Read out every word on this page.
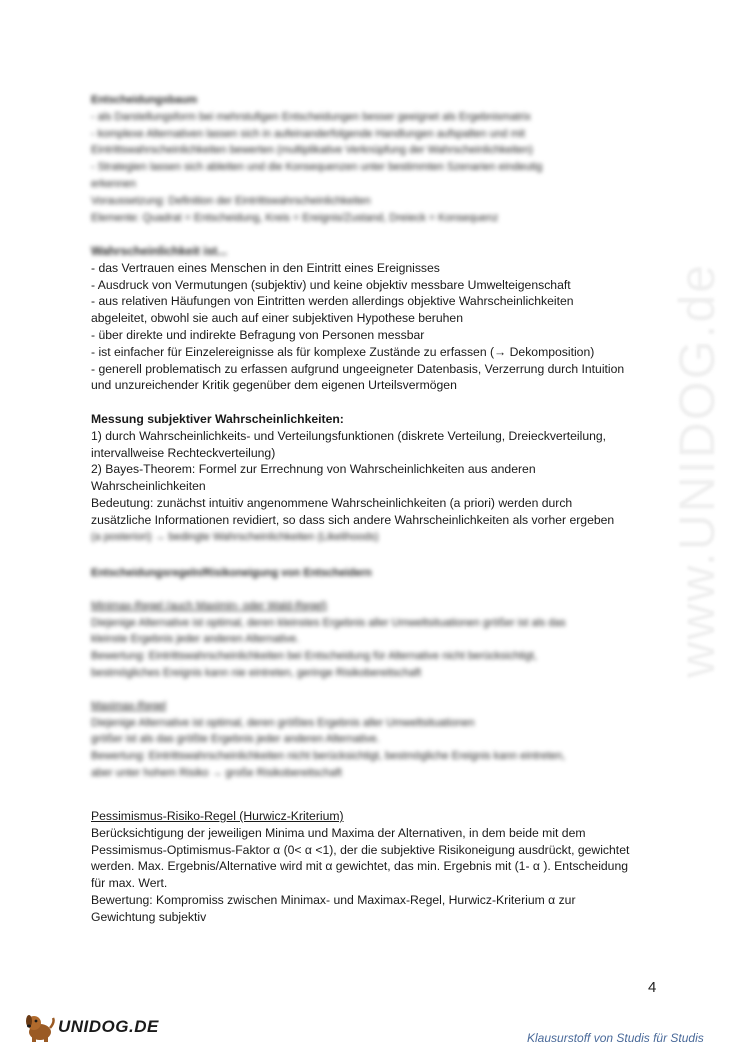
www.UNIDOG.de
Entscheidungsbaum
- als Darstellungsform bei mehrstufigen Entscheidungen besser geeignet als Ergebnismatrix
- komplexe Alternativen lassen sich in aufeinanderfolgende Handlungen aufspalten und mit
Eintrittswahrscheinlichkeiten bewerten (multiplikative Verknüpfung der Wahrscheinlichkeiten)
- Strategien lassen sich ableiten und die Konsequenzen unter bestimmten Szenarien eindeutig
erkennen
Voraussetzung: Definition der Eintrittswahrscheinlichkeiten
Elemente: Quadrat = Entscheidung, Kreis = Ereignis/Zustand, Dreieck = Konsequenz
Wahrscheinlichkeit ist...
- das Vertrauen eines Menschen in den Eintritt eines Ereignisses
- Ausdruck von Vermutungen (subjektiv) und keine objektiv messbare Umwelteigenschaft
- aus relativen Häufungen von Eintritten werden allerdings objektive Wahrscheinlichkeiten
abgeleitet, obwohl sie auch auf einer subjektiven Hypothese beruhen
- über direkte und indirekte Befragung von Personen messbar
- ist einfacher für Einzelereignisse als für komplexe Zustände zu erfassen (→ Dekomposition)
- generell problematisch zu erfassen aufgrund ungeeigneter Datenbasis, Verzerrung durch Intuition
und unzureichender Kritik gegenüber dem eigenen Urteilsvermögen
Messung subjektiver Wahrscheinlichkeiten:
1) durch Wahrscheinlichkeits- und Verteilungsfunktionen (diskrete Verteilung, Dreieckverteilung,
intervallweise Rechteckverteilung)
2) Bayes-Theorem: Formel zur Errechnung von Wahrscheinlichkeiten aus anderen
Wahrscheinlichkeiten
Bedeutung: zunächst intuitiv angenommene Wahrscheinlichkeiten (a priori) werden durch
zusätzliche Informationen revidiert, so dass sich andere Wahrscheinlichkeiten als vorher ergeben
(a posteriori) → bedingte Wahrscheinlichkeiten (Likelihoods)
Entscheidungsregeln/Risikoneigung von Entscheidern
Minimax-Regel (auch Maximin- oder Wald-Regel)
Diejenige Alternative ist optimal, deren kleinstes Ergebnis aller Umweltsituationen größer ist als das
kleinste Ergebnis jeder anderen Alternative.
Bewertung: Eintrittswahrscheinlichkeiten bei Entscheidung für Alternative nicht berücksichtigt,
bestmögliches Ereignis kann nie eintreten, geringe Risikobereitschaft
Maximax-Regel
Diejenige Alternative ist optimal, deren größtes Ergebnis aller Umweltsituationen
größer ist als das größte Ergebnis jeder anderen Alternative.
Bewertung: Eintrittswahrscheinlichkeiten nicht berücksichtigt, bestmögliche Ereignis kann eintreten,
aber unter hohem Risiko → große Risikobereitschaft
Pessimismus-Risiko-Regel (Hurwicz-Kriterium)
Berücksichtigung der jeweiligen Minima und Maxima der Alternativen, in dem beide mit dem
Pessimismus-Optimismus-Faktor α (0< α <1), der die subjektive Risikoneigung ausdrückt, gewichtet
werden. Max. Ergebnis/Alternative wird mit α gewichtet, das min. Ergebnis mit (1- α ). Entscheidung
für max. Wert.
Bewertung: Kompromiss zwischen Minimax- und Maximax-Regel, Hurwicz-Kriterium α zur
Gewichtung subjektiv
4
UNIDOG.DE
Klausurstoff von Studis für Studis
